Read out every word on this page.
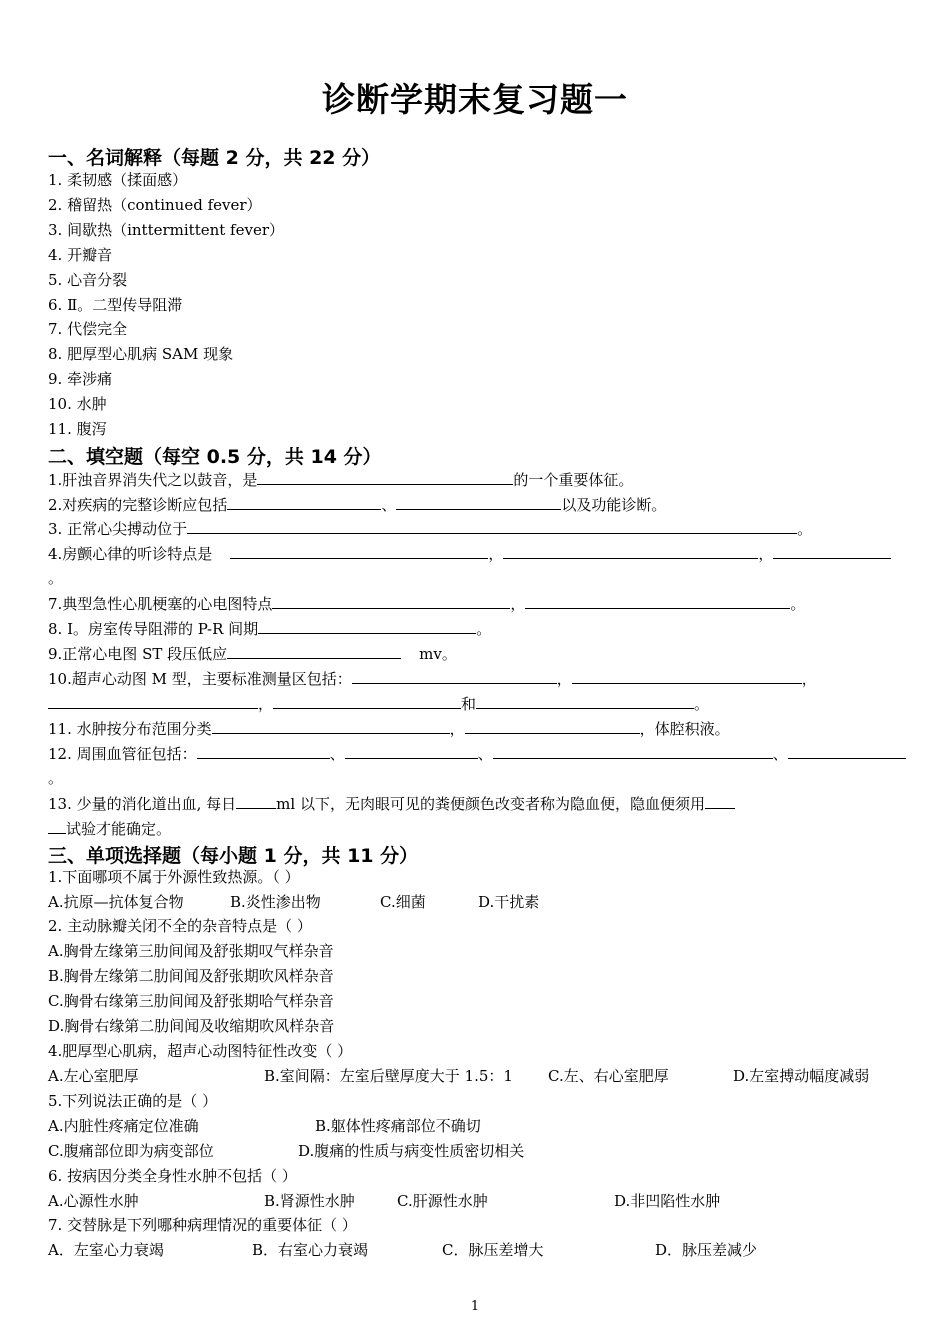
诊断学期末复习题一
一、名词解释（每题 2 分，共 22 分）
1. 柔韧感（揉面感）
2. 稽留热（continued fever）
3. 间歇热（inttermittent fever）
4. 开瓣音
5. 心音分裂
6. Ⅱ。二型传导阻滞
7. 代偿完全
8. 肥厚型心肌病 SAM 现象
9. 牵涉痛
10. 水肿
11. 腹泻
二、填空题（每空 0.5 分，共 14 分）
1.肝浊音界消失代之以鼓音，是	的一个重要体征。
2.对疾病的完整诊断应包括	、	以及功能诊断。
3. 正常心尖搏动位于	。
4.房颤心律的听诊特点是	，	，
。
7.典型急性心肌梗塞的心电图特点	，	。
8. Ⅰ。房室传导阻滞的 P-R 间期	。
9.正常心电图 ST 段压低应	mv。
10.超声心动图 M 型，主要标准测量区包括：	，	，
，	和	。
11. 水肿按分布范围分类	，	，体腔积液。
12. 周围血管征包括：	、	、	、
。
13. 少量的消化道出血, 每日	ml 以下，无肉眼可见的粪便颜色改变者称为隐血便，隐血便须用
试验才能确定。
三、单项选择题（每小题 1 分，共 11 分）
1.下面哪项不属于外源性致热源。（ ）
A.抗原—抗体复合物	B.炎性渗出物	C.细菌	D.干扰素
2. 主动脉瓣关闭不全的杂音特点是（ ）
A.胸骨左缘第三肋间闻及舒张期叹气样杂音
B.胸骨左缘第二肋间闻及舒张期吹风样杂音
C.胸骨右缘第三肋间闻及舒张期哈气样杂音
D.胸骨右缘第二肋间闻及收缩期吹风样杂音
4.肥厚型心肌病，超声心动图特征性改变（ ）
A.左心室肥厚	B.室间隔：左室后壁厚度大于 1.5：1 C.左、右心室肥厚	D.左室搏动幅度减弱
5.下列说法正确的是（ ）
A.内脏性疼痛定位准确	B.躯体性疼痛部位不确切
C.腹痛部位即为病变部位	D.腹痛的性质与病变性质密切相关
6. 按病因分类全身性水肿不包括（ ）
A.心源性水肿	B.肾源性水肿	C.肝源性水肿	D.非凹陷性水肿
7. 交替脉是下列哪种病理情况的重要体征（ ）
A．左室心力衰竭	B．右室心力衰竭	C．脉压差增大	D．脉压差减少
1
